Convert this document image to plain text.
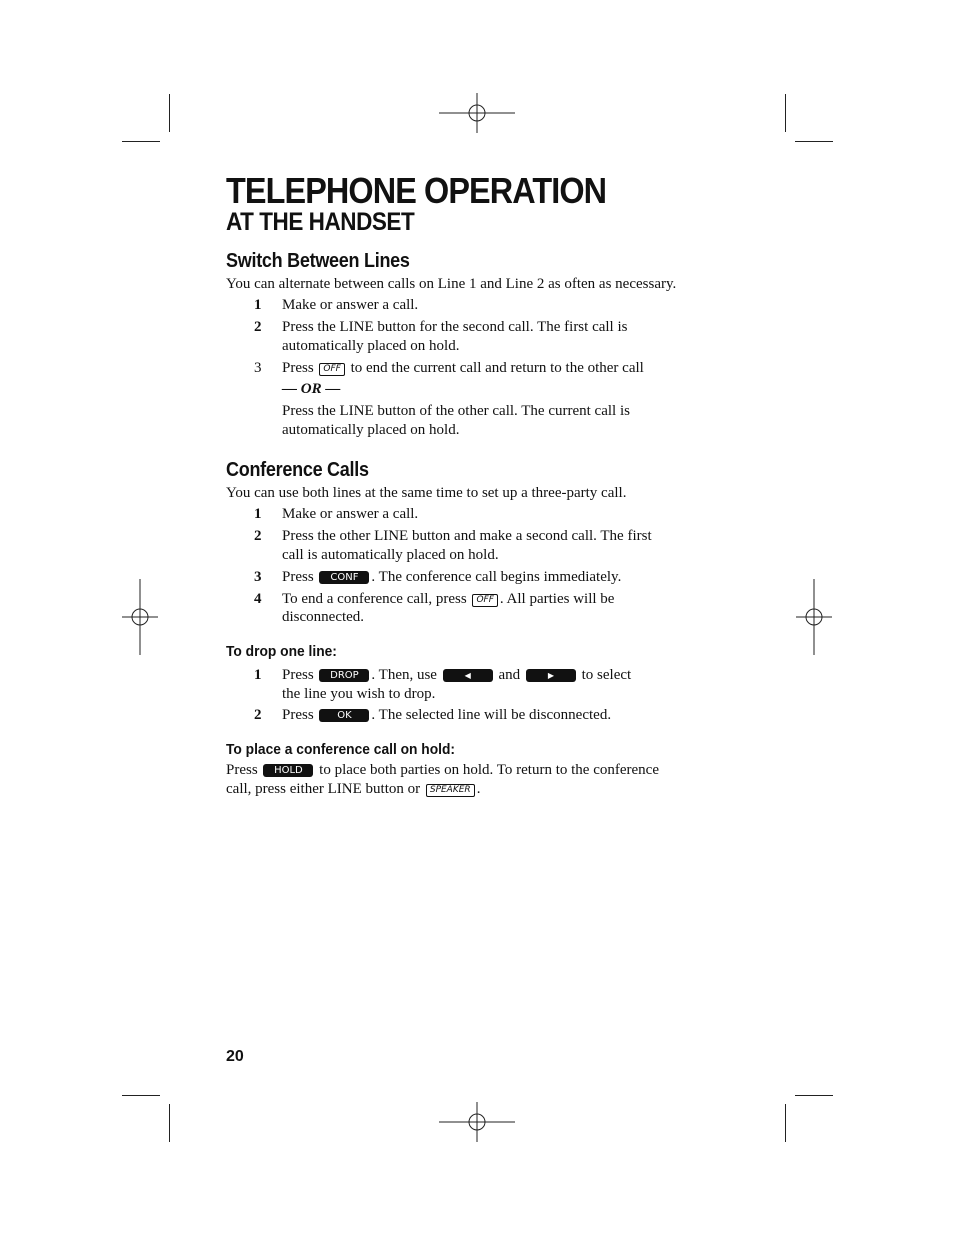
TELEPHONE OPERATION
AT THE HANDSET
Switch Between Lines
You can alternate between calls on Line 1 and Line 2 as often as necessary.
1 Make or answer a call.
2 Press the LINE button for the second call. The first call is
automatically placed on hold.
3 Press OFF to end the current call and return to the other call
— OR —
Press the LINE button of the other call. The current call is
automatically placed on hold.
Conference Calls
You can use both lines at the same time to set up a three-party call.
1 Make or answer a call.
2 Press the other LINE button and make a second call. The first
call is automatically placed on hold.
3 Press CONF . The conference call begins immediately.
4 To end a conference call, press OFF . All parties will be
disconnected.
To drop one line:
1 Press DROP . Then, use	◀ and	▶ to select
the line you wish to drop.
2 Press OK . The selected line will be disconnected.
To place a conference call on hold:
Press HOLD to place both parties on hold. To return to the conference
call, press either LINE button or SPEAKER .
20
